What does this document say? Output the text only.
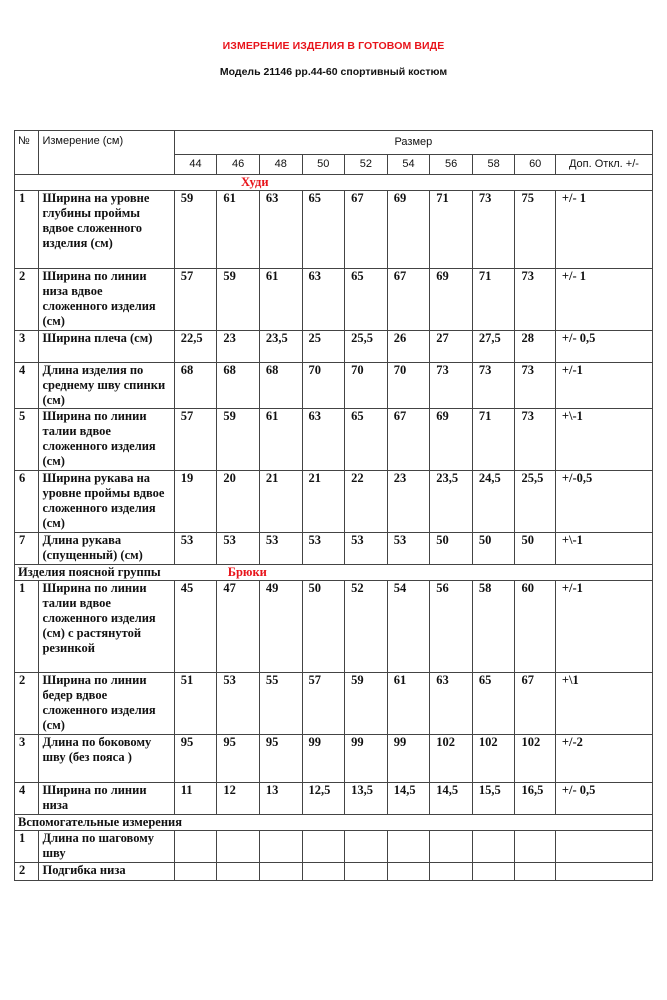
ИЗМЕРЕНИЕ ИЗДЕЛИЯ В ГОТОВОМ ВИДЕ
Модель 21146 рр.44-60 спортивный костюм
№	Измерение (см)	Размер									
		44	46	48	50	52	54	56	58	60	Доп. Откл. +/-
Худи											
1	Ширина на уровне глубины проймы вдвое сложенного изделия (см)	59	61	63	65	67	69	71	73	75	+/- 1
2	Ширина по линии низа вдвое сложенного изделия (см)	57	59	61	63	65	67	69	71	73	+/- 1
3	Ширина плеча (см)	22,5	23	23,5	25	25,5	26	27	27,5	28	+/- 0,5
4	Длина изделия по среднему шву спинки (см)	68	68	68	70	70	70	73	73	73	+/-1
5	Ширина по линии талии вдвое сложенного изделия (см)	57	59	61	63	65	67	69	71	73	+\-1
6	Ширина рукава на уровне проймы вдвое сложенного изделия (см)	19	20	21	21	22	23	23,5	24,5	25,5	+/-0,5
7	Длина рукава (спущенный) (см)	53	53	53	53	53	53	50	50	50	+\-1
Изделия поясной группы Брюки											
1	Ширина по линии талии вдвое сложенного изделия (см) с растянутой резинкой	45	47	49	50	52	54	56	58	60	+/-1
2	Ширина по линии бедер вдвое сложенного изделия (см)	51	53	55	57	59	61	63	65	67	+\1
3	Длина по боковому шву (без пояса )	95	95	95	99	99	99	102	102	102	+/-2
4	Ширина по линии низа	11	12	13	12,5	13,5	14,5	14,5	15,5	16,5	+/- 0,5
Вспомогательные измерения											
1	Длина по шаговому шву										
2	Подгибка низа										
